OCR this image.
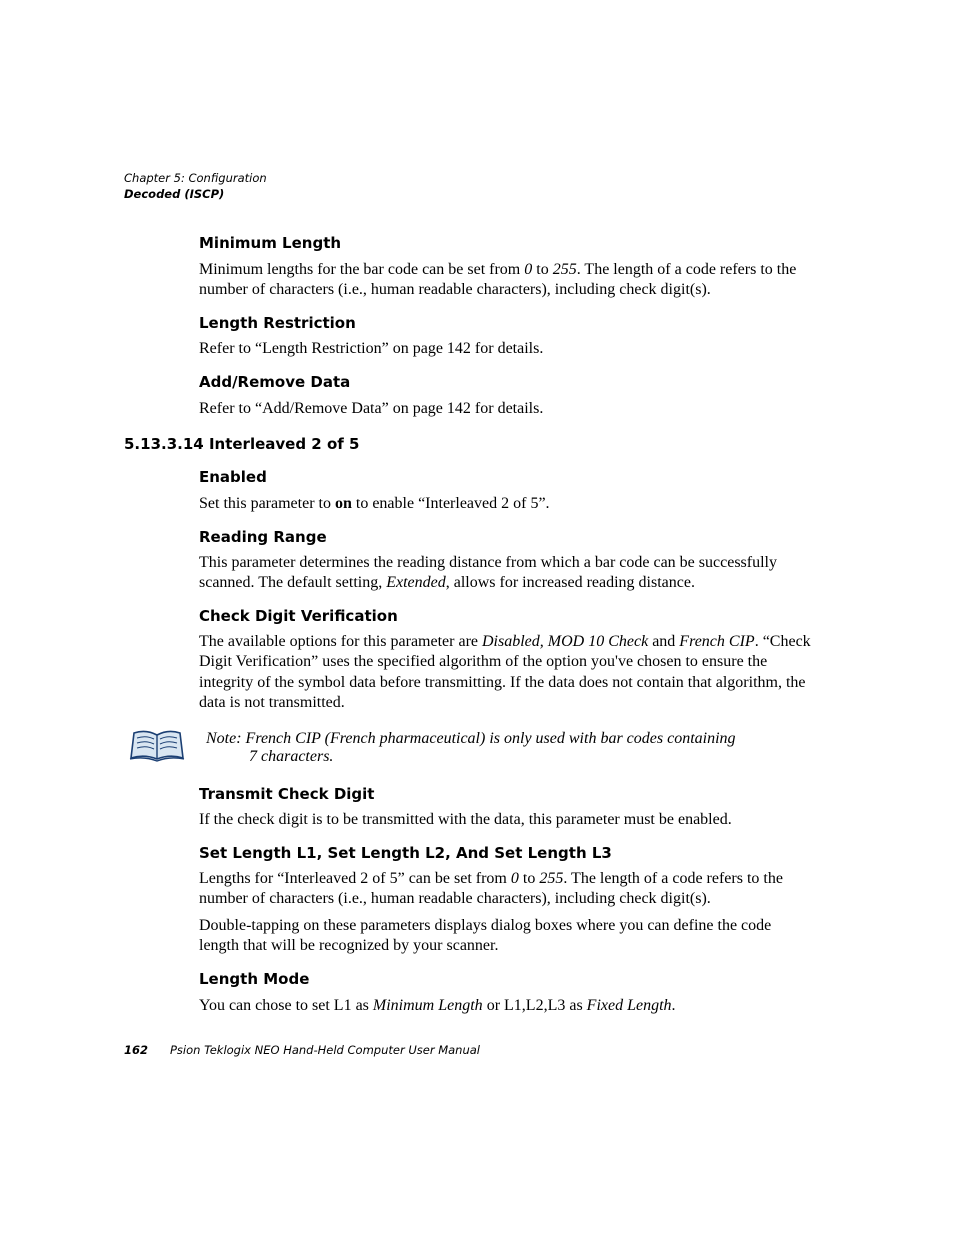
Chapter 5: Configuration
Decoded (ISCP)
Minimum Length

Minimum lengths for the bar code can be set from 0 to 255. The length of a code refers to the number of characters (i.e., human readable characters), including check digit(s).

Length Restriction

Refer to “Length Restriction” on page 142 for details.

Add/Remove Data

Refer to “Add/Remove Data” on page 142 for details.

5.13.3.14 Interleaved 2 of 5
Enabled

Set this parameter to on to enable “Interleaved 2 of 5”.

Reading Range

This parameter determines the reading distance from which a bar code can be successfully scanned. The default setting, Extended, allows for increased reading distance.

Check Digit Verification

The available options for this parameter are Disabled, MOD 10 Check and French CIP. “Check Digit Verification” uses the specified algorithm of the option you've chosen to ensure the integrity of the symbol data before transmitting. If the data does not contain that algorithm, the data is not transmitted.

Note: French CIP (French pharmaceutical) is only used with bar codes containing
7 characters.
Transmit Check Digit

If the check digit is to be transmitted with the data, this parameter must be enabled.

Set Length L1, Set Length L2, And Set Length L3

Lengths for “Interleaved 2 of 5” can be set from 0 to 255. The length of a code refers to the number of characters (i.e., human readable characters), including check digit(s).

Double-tapping on these parameters displays dialog boxes where you can define the code length that will be recognized by your scanner.

Length Mode

You can chose to set L1 as Minimum Length or L1,L2,L3 as Fixed Length.

162 Psion Teklogix NEO Hand-Held Computer User Manual
